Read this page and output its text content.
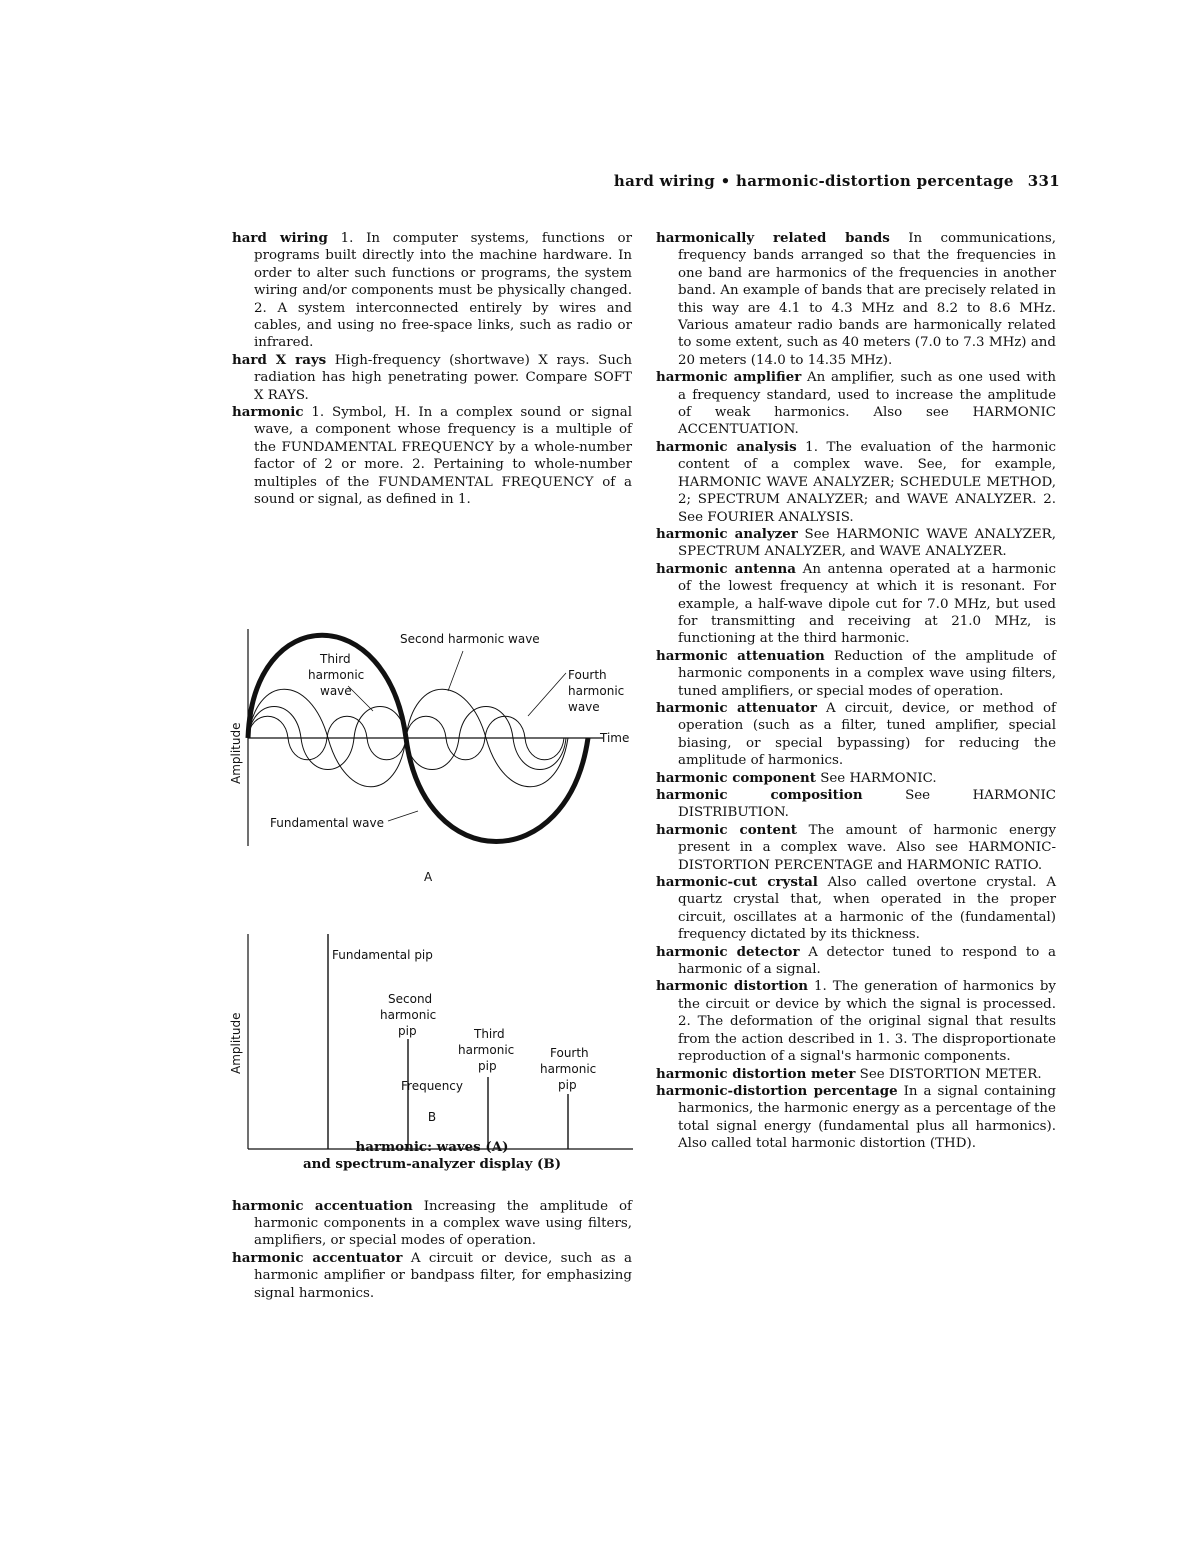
hard wiring • harmonic-distortion percentage 331

hard wiring 1. In computer systems, functions or programs built directly into the machine hardware. In order to alter such functions or programs, the system wiring and/or components must be physically changed. 2. A system interconnected entirely by wires and cables, and using no free-space links, such as radio or infrared.

hard X rays High-frequency (shortwave) X rays. Such radiation has high penetrating power. Compare SOFT X RAYS.

harmonic 1. Symbol, H. In a complex sound or signal wave, a component whose frequency is a multiple of the FUNDAMENTAL FREQUENCY by a whole-number factor of 2 or more. 2. Pertaining to whole-number multiples of the FUNDAMENTAL FREQUENCY of a sound or signal, as defined in 1.

Second harmonic wave
Third
harmonic
wave
Fourth
harmonic
wave
Time
Fundamental wave
Amplitude
A
Fundamental pip
Second
harmonic
pip	Third
harmonic
pip
Fourth
harmonic
pip
Amplitude
Frequency
B
harmonic: waves (A)
and spectrum-analyzer display (B)

harmonic accentuation Increasing the amplitude of harmonic components in a complex wave using filters, amplifiers, or special modes of operation.

harmonic accentuator A circuit or device, such as a harmonic amplifier or bandpass filter, for emphasizing signal harmonics.

harmonically related bands In communications, frequency bands arranged so that the frequencies in one band are harmonics of the frequencies in another band. An example of bands that are precisely related in this way are 4.1 to 4.3 MHz and 8.2 to 8.6 MHz. Various amateur radio bands are harmonically related to some extent, such as 40 meters (7.0 to 7.3 MHz) and 20 meters (14.0 to 14.35 MHz).

harmonic amplifier An amplifier, such as one used with a frequency standard, used to increase the amplitude of weak harmonics. Also see HARMONIC ACCENTUATION.

harmonic analysis 1. The evaluation of the harmonic content of a complex wave. See, for example, HARMONIC WAVE ANALYZER; SCHEDULE METHOD, 2; SPECTRUM ANALYZER; and WAVE ANALYZER. 2. See FOURIER ANALYSIS.

harmonic analyzer See HARMONIC WAVE ANALYZER, SPECTRUM ANALYZER, and WAVE ANALYZER.

harmonic antenna An antenna operated at a harmonic of the lowest frequency at which it is resonant. For example, a half-wave dipole cut for 7.0 MHz, but used for transmitting and receiving at 21.0 MHz, is functioning at the third harmonic.

harmonic attenuation Reduction of the amplitude of harmonic components in a complex wave using filters, tuned amplifiers, or special modes of operation.

harmonic attenuator A circuit, device, or method of operation (such as a filter, tuned amplifier, special biasing, or special bypassing) for reducing the amplitude of harmonics.

harmonic component See HARMONIC.

harmonic composition See HARMONIC DISTRIBUTION.

harmonic content The amount of harmonic energy present in a complex wave. Also see HARMONIC-DISTORTION PERCENTAGE and HARMONIC RATIO.

harmonic-cut crystal Also called overtone crystal. A quartz crystal that, when operated in the proper circuit, oscillates at a harmonic of the (fundamental) frequency dictated by its thickness.

harmonic detector A detector tuned to respond to a harmonic of a signal.

harmonic distortion 1. The generation of harmonics by the circuit or device by which the signal is processed. 2. The deformation of the original signal that results from the action described in 1. 3. The disproportionate reproduction of a signal's harmonic components.

harmonic distortion meter See DISTORTION METER.

harmonic-distortion percentage In a signal containing harmonics, the harmonic energy as a percentage of the total signal energy (fundamental plus all harmonics). Also called total harmonic distortion (THD).
